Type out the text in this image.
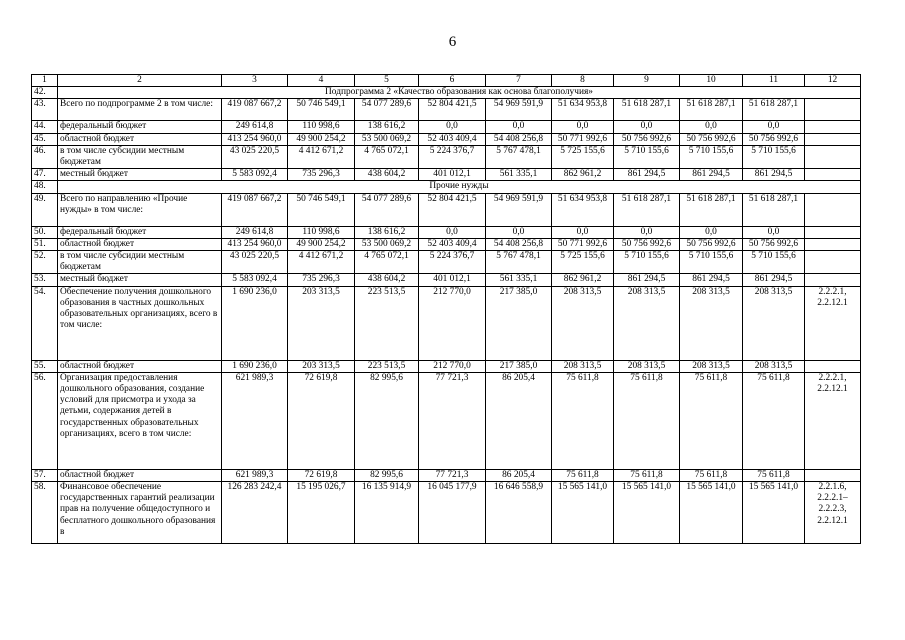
6
1	2	3	4	5	6	7	8	9	10	11	12
42.	Подпрограмма 2 «Качество образования как основа благополучия»										
43.	Всего по подпрограмме 2 в том числе:	419 087 667,2	50 746 549,1	54 077 289,6	52 804 421,5	54 969 591,9	51 634 953,8	51 618 287,1	51 618 287,1	51 618 287,1	
44.	федеральный бюджет	249 614,8	110 998,6	138 616,2	0,0	0,0	0,0	0,0	0,0	0,0	
45.	областной бюджет	413 254 960,0	49 900 254,2	53 500 069,2	52 403 409,4	54 408 256,8	50 771 992,6	50 756 992,6	50 756 992,6	50 756 992,6	
46.	в том числе субсидии местным бюджетам	43 025 220,5	4 412 671,2	4 765 072,1	5 224 376,7	5 767 478,1	5 725 155,6	5 710 155,6	5 710 155,6	5 710 155,6	
47.	местный бюджет	5 583 092,4	735 296,3	438 604,2	401 012,1	561 335,1	862 961,2	861 294,5	861 294,5	861 294,5	
48.	Прочие нужды										
49.	Всего по направлению «Прочие нужды» в том числе:	419 087 667,2	50 746 549,1	54 077 289,6	52 804 421,5	54 969 591,9	51 634 953,8	51 618 287,1	51 618 287,1	51 618 287,1	
50.	федеральный бюджет	249 614,8	110 998,6	138 616,2	0,0	0,0	0,0	0,0	0,0	0,0	
51.	областной бюджет	413 254 960,0	49 900 254,2	53 500 069,2	52 403 409,4	54 408 256,8	50 771 992,6	50 756 992,6	50 756 992,6	50 756 992,6	
52.	в том числе субсидии местным бюджетам	43 025 220,5	4 412 671,2	4 765 072,1	5 224 376,7	5 767 478,1	5 725 155,6	5 710 155,6	5 710 155,6	5 710 155,6	
53.	местный бюджет	5 583 092,4	735 296,3	438 604,2	401 012,1	561 335,1	862 961,2	861 294,5	861 294,5	861 294,5	
54.	Обеспечение получения дошкольного образования в частных дошкольных образовательных организациях, всего в том числе:	1 690 236,0	203 313,5	223 513,5	212 770,0	217 385,0	208 313,5	208 313,5	208 313,5	208 313,5	2.2.2.1, 2.2.12.1
55.	областной бюджет	1 690 236,0	203 313,5	223 513,5	212 770,0	217 385,0	208 313,5	208 313,5	208 313,5	208 313,5	
56.	Организация предоставления дошкольного образования, создание условий для присмотра и ухода за детьми, содержания детей в государственных образовательных организациях, всего в том числе:	621 989,3	72 619,8	82 995,6	77 721,3	86 205,4	75 611,8	75 611,8	75 611,8	75 611,8	2.2.2.1, 2.2.12.1
57.	областной бюджет	621 989,3	72 619,8	82 995,6	77 721,3	86 205,4	75 611,8	75 611,8	75 611,8	75 611,8	
58.	Финансовое обеспечение государственных гарантий реализации прав на получение общедоступного и бесплатного дошкольного образования в	126 283 242,4	15 195 026,7	16 135 914,9	16 045 177,9	16 646 558,9	15 565 141,0	15 565 141,0	15 565 141,0	15 565 141,0	2.2.1.6, 2.2.2.1– 2.2.2.3, 2.2.12.1
